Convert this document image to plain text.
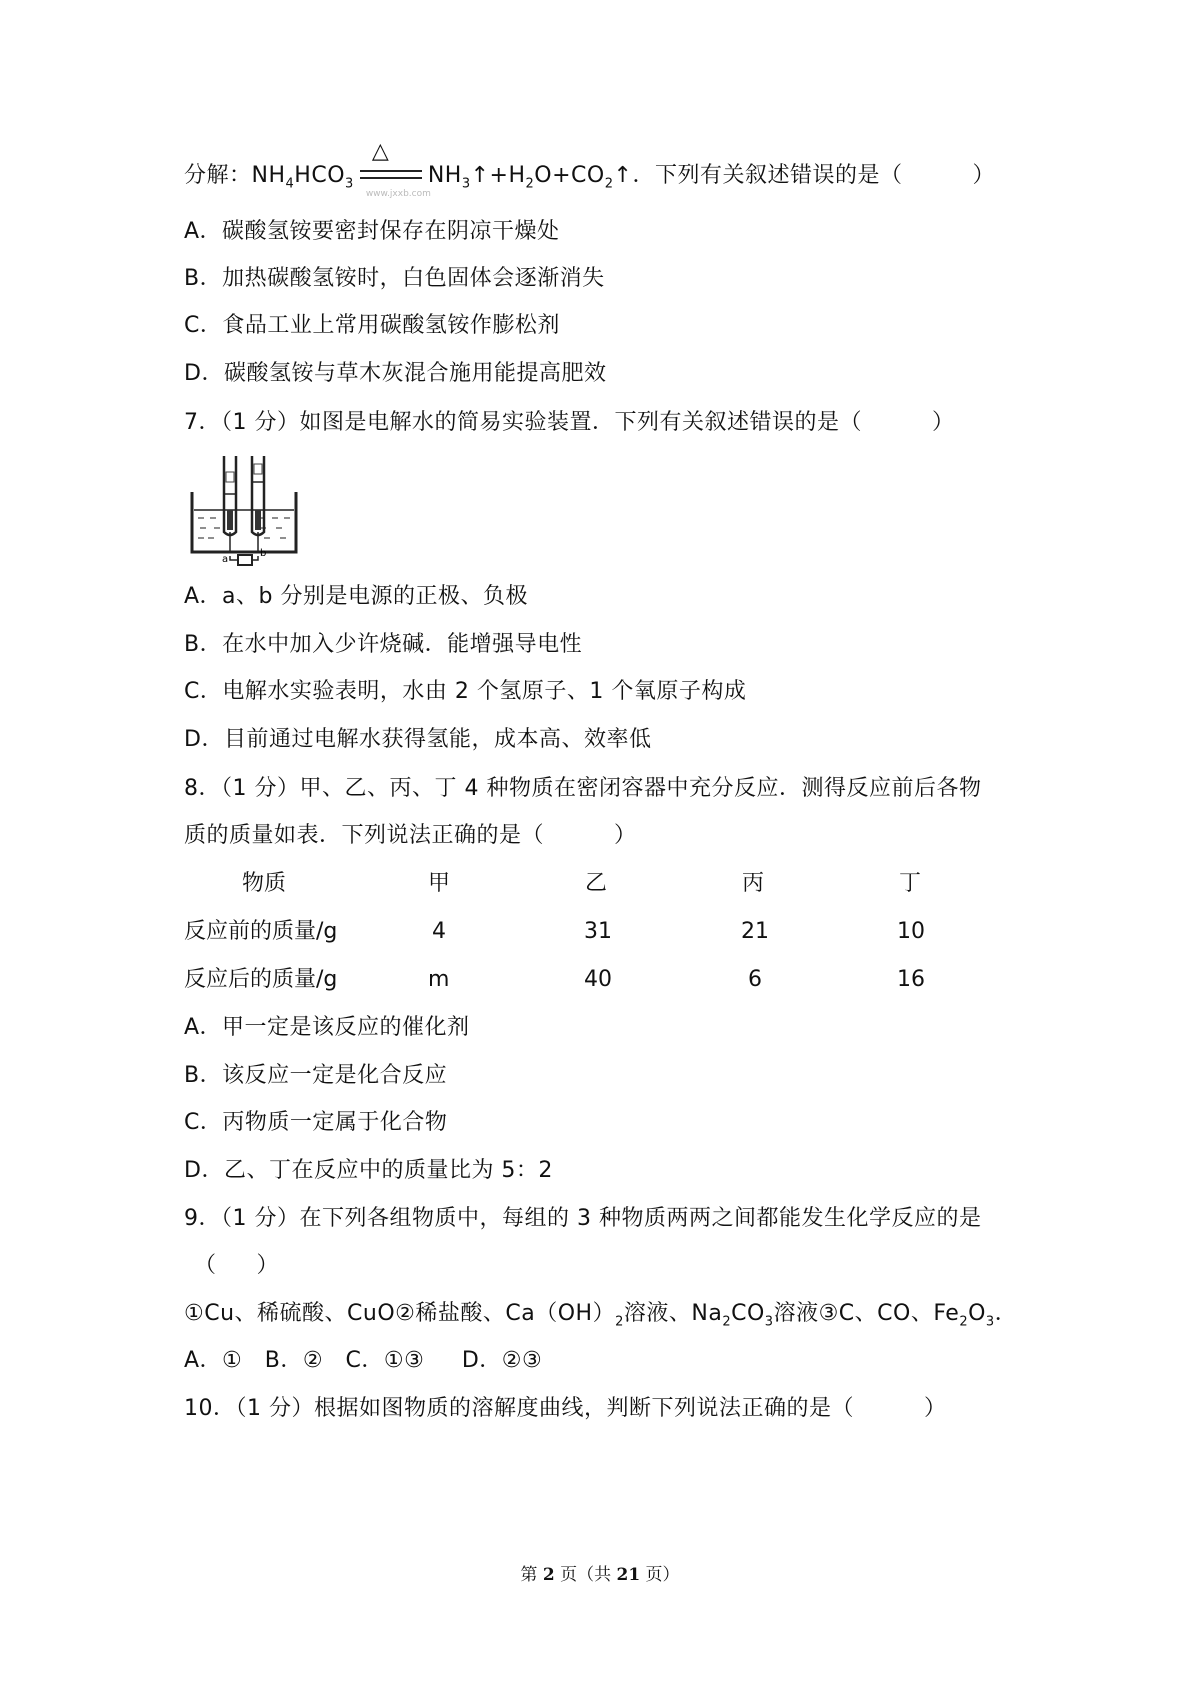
分解：$NH_4HCO_3$
△
www.jxxb.com
$NH_3↑+H_2O+CO_2↑$．下列有关叙述错误的是（	）
A．碳酸氢铵要密封保存在阴凉干燥处
B．加热碳酸氢铵时，白色固体会逐渐消失
C．食品工业上常用碳酸氢铵作膨松剂
D．碳酸氢铵与草木灰混合施用能提高肥效
7．（1 分）如图是电解水的简易实验装置．下列有关叙述错误的是（	）
a
b
A．a、b 分别是电源的正极、负极
B．在水中加入少许烧碱．能增强导电性
C．电解水实验表明，水由 2 个氢原子、1 个氧原子构成
D．目前通过电解水获得氢能，成本高、效率低
8．（1 分）甲、乙、丙、丁 4 种物质在密闭容器中充分反应．测得反应前后各物
质的质量如表．下列说法正确的是（	）
物质	甲	乙	丙	丁
反应前的质量/g	4	31	21	10
反应后的质量/g	m	40	6	16
A．甲一定是该反应的催化剂
B．该反应一定是化合反应
C．丙物质一定属于化合物
D．乙、丁在反应中的质量比为 5：2
9．（1 分）在下列各组物质中，每组的 3 种物质两两之间都能发生化学反应的是
（ ）
①Cu、稀硫酸、CuO②稀盐酸、$Ca(OH)_2$溶液、$Na_2CO_3$溶液③C、CO、$Fe_2O_3$．
A．①   B．②   C．①③     D．②③
10．（1 分）根据如图物质的溶解度曲线，判断下列说法正确的是（	）
第 2 页（共 21 页）
